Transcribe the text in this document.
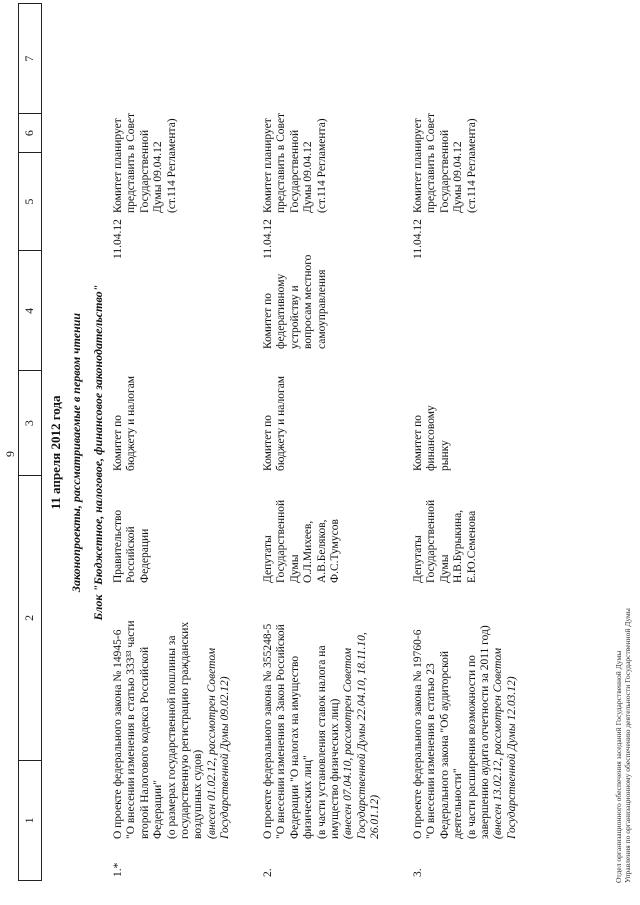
9
1
2
3
4
5
6
7
11 апреля 2012 года Законопроекты, рассматриваемые в первом чтении Блок "Бюджетное, налоговое, финансовое законодательство"
1.*
О проекте федерального закона № 14945-6 "О внесении изменения в статью 333³³ части второй Налогового кодекса Российской Федерации" (о размерах государственной пошлины за государственную регистрацию гражданских воздушных судов) (внесен 01.02.12, рассмотрен Советом Государственной Думы 09.02.12)
Правительство Российской Федерации
Комитет по бюджету и налогам
11.04.12
Комитет планирует представить в Совет Государственной Думы 09.04.12 (ст.114 Регламента)
2.
О проекте федерального закона № 355248-5 "О внесении изменения в Закон Российской Федерации "О налогах на имущество физических лиц" (в части установления ставок налога на имущество физических лиц) (внесен 07.04.10, рассмотрен Советом Государственной Думы 22.04.10, 18.11.10, 26.01.12)
Депутаты Государственной Думы О.Л.Михеев, А.В.Беляков, Ф.С.Тумусов
Комитет по бюджету и налогам
Комитет по федеративному устройству и вопросам местного самоуправления
11.04.12
Комитет планирует представить в Совет Государственной Думы 09.04.12 (ст.114 Регламента)
3.
О проекте федерального закона № 19760-6 "О внесении изменения в статью 23 Федерального закона "Об аудиторской деятельности" (в части расширения возможности по завершению аудита отчетности за 2011 год) (внесен 13.02.12, рассмотрен Советом Государственной Думы 12.03.12)
Депутаты Государственной Думы Н.В.Бурыкина, Е.Ю.Семенова
Комитет по финансовому рынку
11.04.12
Комитет планирует представить в Совет Государственной Думы 09.04.12 (ст.114 Регламента)
Отдел организационного обеспечения заседаний Государственной Думы Управления по организационному обеспечению деятельности Государственной Думы
